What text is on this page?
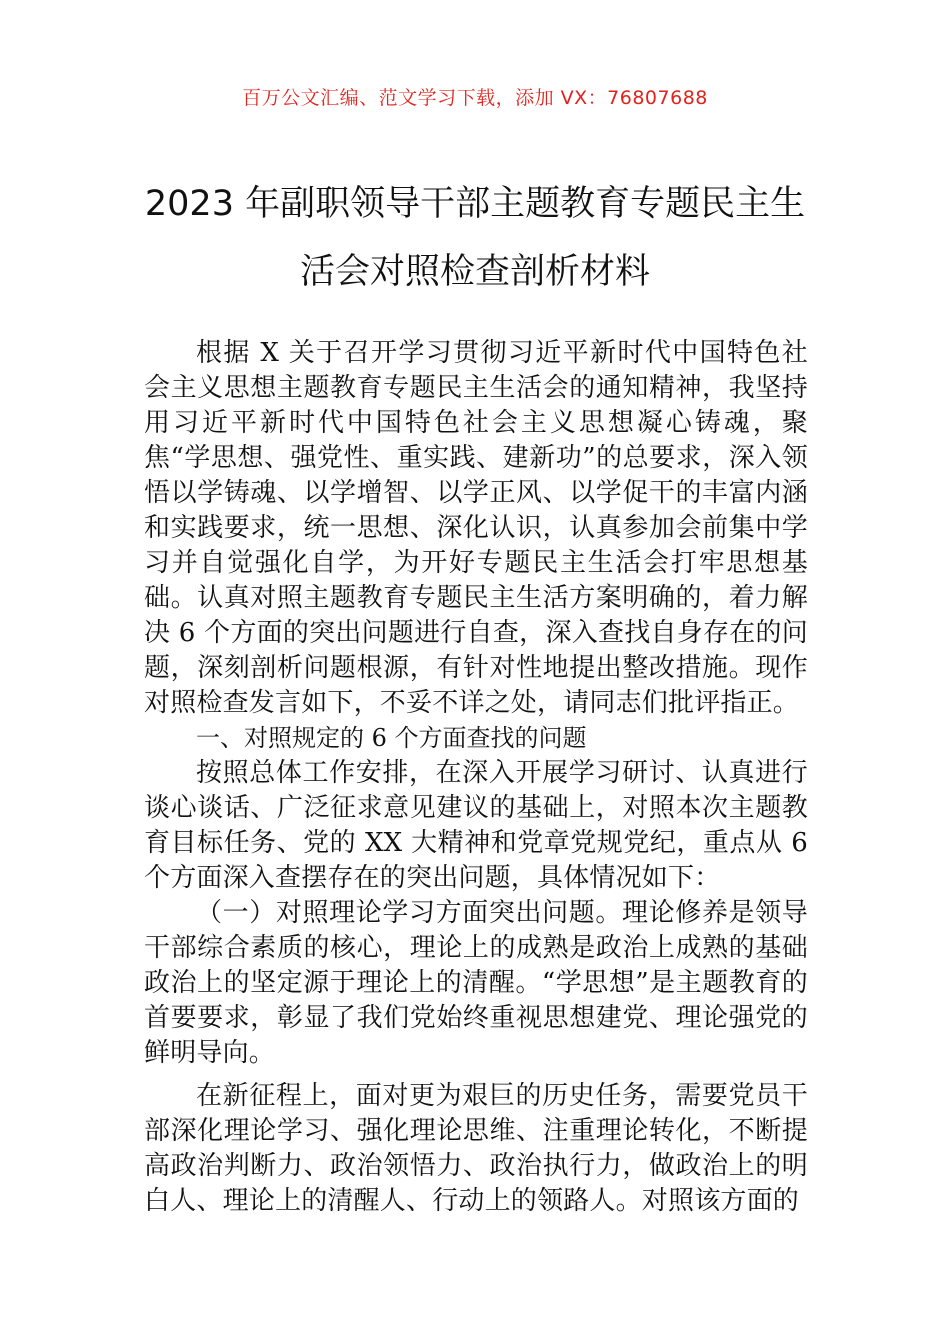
百万公文汇编、范文学习下载，添加 VX：76807688
2023 年副职领导干部主题教育专题民主生
活会对照检查剖析材料

根据 X 关于召开学习贯彻习近平新时代中国特色社会主义思想主题教育专题民主生活会的通知精神，我坚持用习近平新时代中国特色社会主义思想凝心铸魂，聚焦“学思想、强党性、重实践、建新功”的总要求，深入领悟以学铸魂、以学增智、以学正风、以学促干的丰富内涵和实践要求，统一思想、深化认识，认真参加会前集中学习并自觉强化自学，为开好专题民主生活会打牢思想基础。认真对照主题教育专题民主生活方案明确的，着力解决 6 个方面的突出问题进行自查，深入查找自身存在的问题，深刻剖析问题根源，有针对性地提出整改措施。现作对照检查发言如下，不妥不详之处，请同志们批评指正。

一、对照规定的 6 个方面查找的问题

按照总体工作安排，在深入开展学习研讨、认真进行谈心谈话、广泛征求意见建议的基础上，对照本次主题教育目标任务、党的 XX 大精神和党章党规党纪，重点从 6 个方面深入查摆存在的突出问题，具体情况如下：

（一）对照理论学习方面突出问题。理论修养是领导干部综合素质的核心，理论上的成熟是政治上成熟的基础政治上的坚定源于理论上的清醒。“学思想”是主题教育的首要要求，彰显了我们党始终重视思想建党、理论强党的鲜明导向。

在新征程上，面对更为艰巨的历史任务，需要党员干部深化理论学习、强化理论思维、注重理论转化，不断提高政治判断力、政治领悟力、政治执行力，做政治上的明白人、理论上的清醒人、行动上的领路人。对照该方面的
